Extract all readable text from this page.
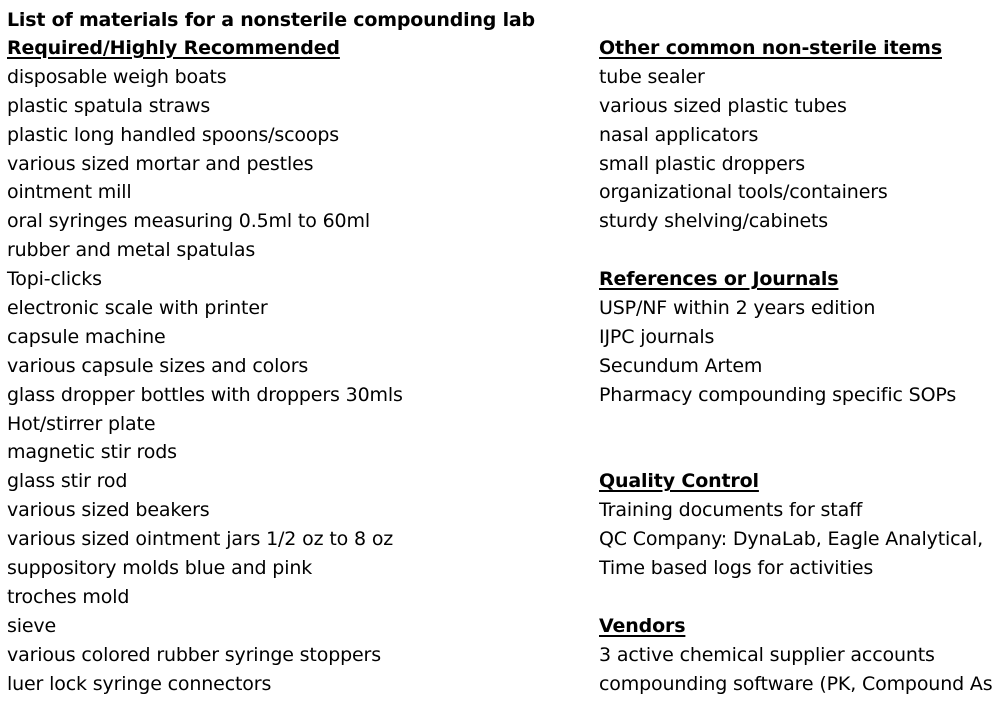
List of materials for a nonsterile compounding lab
Required/Highly Recommended
disposable weigh boats
plastic spatula straws
plastic long handled spoons/scoops
various sized mortar and pestles
ointment mill
oral syringes measuring 0.5ml to 60ml
rubber and metal spatulas
Topi-clicks
electronic scale with printer
capsule machine
various capsule sizes and colors
glass dropper bottles with droppers 30mls
Hot/stirrer plate
magnetic stir rods
glass stir rod
various sized beakers
various sized ointment jars 1/2 oz to 8 oz
suppository molds blue and pink
troches mold
sieve
various colored rubber syringe stoppers
luer lock syringe connectors
Other common non-sterile items
tube sealer
various sized plastic tubes
nasal applicators
small plastic droppers
organizational tools/containers
sturdy shelving/cabinets
References or Journals
USP/NF within 2 years edition
IJPC journals
Secundum Artem
Pharmacy compounding specific SOPs
Quality Control
Training documents for staff
QC Company: DynaLab, Eagle Analytical,
Time based logs for activities
Vendors
3 active chemical supplier accounts
compounding software (PK, Compound As
